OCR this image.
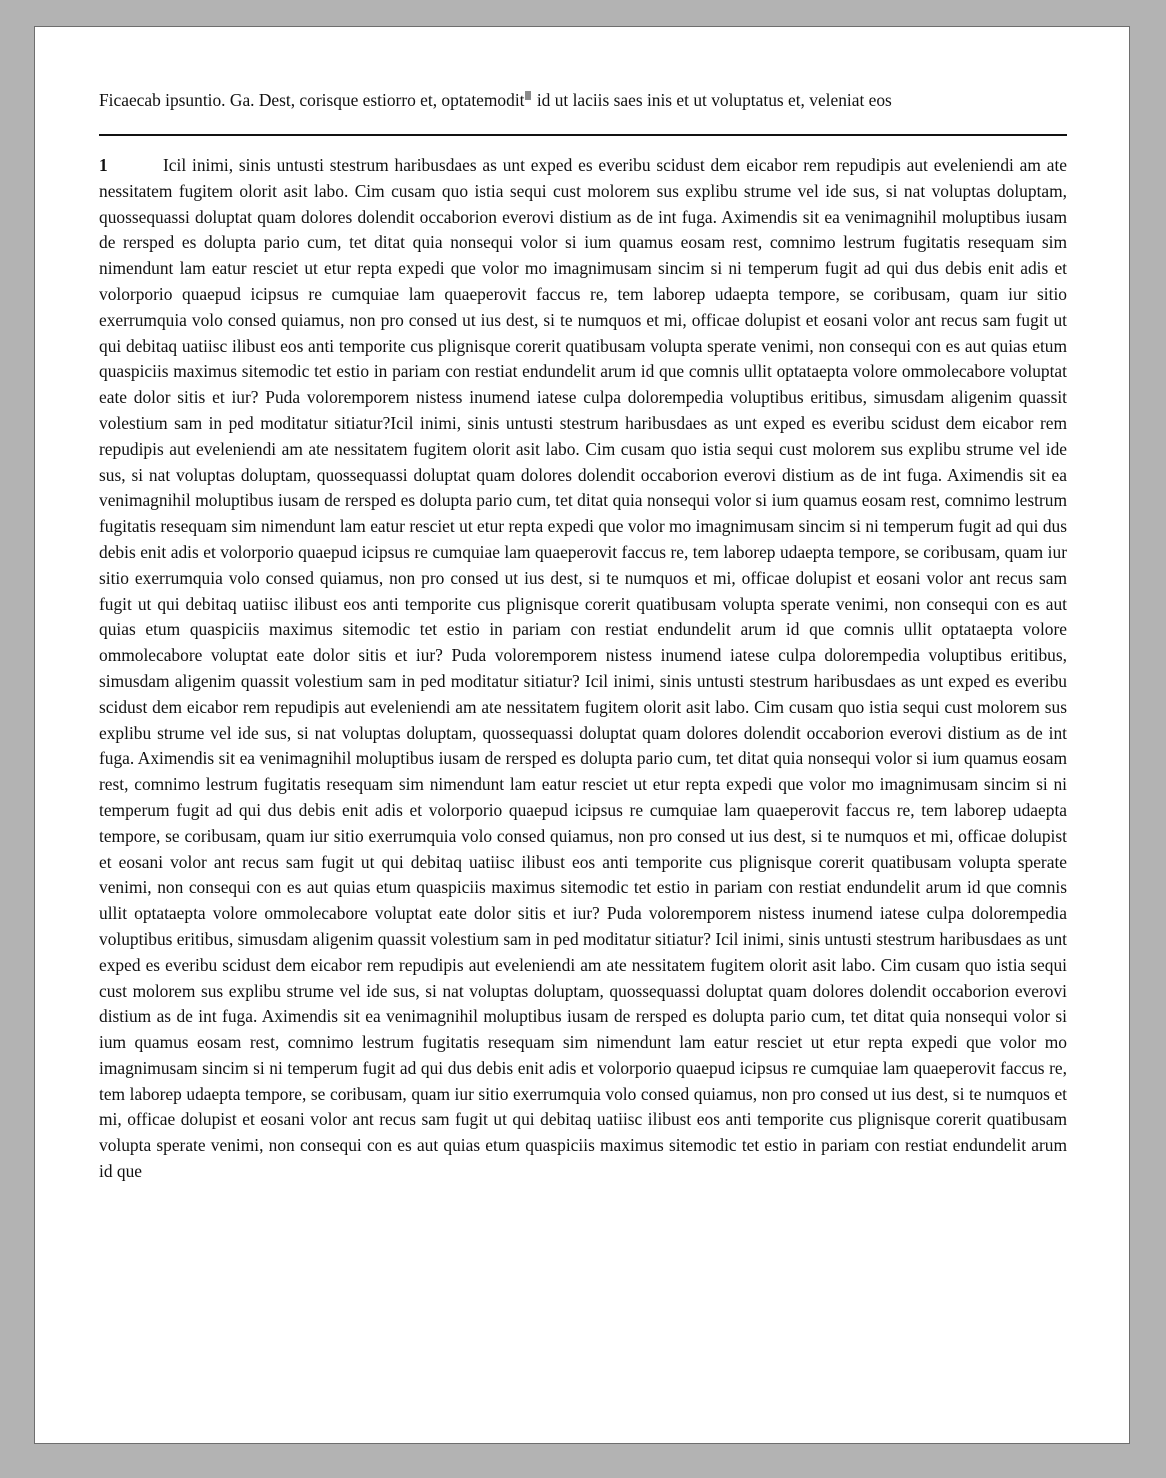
Ficaecab ipsuntio. Ga. Dest, corisque estiorro et, optatemodit id ut laciis saes inis et ut voluptatus et, veleniat eos

1	Icil inimi, sinis untusti stestrum haribusdaes as unt exped es everibu scidust dem eicabor rem repudipis aut eveleniendi am ate nessitatem fugitem olorit asit labo. Cim cusam quo istia sequi cust molorem sus explibu strume vel ide sus, si nat voluptas doluptam, quossequassi doluptat quam dolores dolendit occaborion everovi distium as de int fuga. Aximendis sit ea venimagnihil moluptibus iusam de rersped es dolupta pario cum, tet ditat quia nonsequi volor si ium quamus eosam rest, comnimo lestrum fugitatis resequam sim nimendunt lam eatur resciet ut etur repta expedi que volor mo imagnimusam sincim si ni temperum fugit ad qui dus debis enit adis et volorporio quaepud icipsus re cumquiae lam quaeperovit faccus re, tem laborep udaepta tempore, se coribusam, quam iur sitio exerrumquia volo consed quiamus, non pro consed ut ius dest, si te numquos et mi, officae dolupist et eosani volor ant recus sam fugit ut qui debitaq uatiisc ilibust eos anti temporite cus plignisque corerit quatibusam volupta sperate venimi, non consequi con es aut quias etum quaspiciis maximus sitemodic tet estio in pariam con restiat endundelit arum id que comnis ullit optataepta volore ommolecabore voluptat eate dolor sitis et iur? Puda voloremporem nistess inumend iatese culpa dolorempedia voluptibus eritibus, simusdam aligenim quassit volestium sam in ped moditatur sitiatur?Icil inimi, sinis untusti stestrum haribusdaes as unt exped es everibu scidust dem eicabor rem repudipis aut eveleniendi am ate nessitatem fugitem olorit asit labo. Cim cusam quo istia sequi cust molorem sus explibu strume vel ide sus, si nat voluptas doluptam, quossequassi doluptat quam dolores dolendit occaborion everovi distium as de int fuga. Aximendis sit ea venimagnihil moluptibus iusam de rersped es dolupta pario cum, tet ditat quia nonsequi volor si ium quamus eosam rest, comnimo lestrum fugitatis resequam sim nimendunt lam eatur resciet ut etur repta expedi que volor mo imagnimusam sincim si ni temperum fugit ad qui dus debis enit adis et volorporio quaepud icipsus re cumquiae lam quaeperovit faccus re, tem laborep udaepta tempore, se coribusam, quam iur sitio exerrumquia volo consed quiamus, non pro consed ut ius dest, si te numquos et mi, officae dolupist et eosani volor ant recus sam fugit ut qui debitaq uatiisc ilibust eos anti temporite cus plignisque corerit quatibusam volupta sperate venimi, non consequi con es aut quias etum quaspiciis maximus sitemodic tet estio in pariam con restiat endundelit arum id que comnis ullit optataepta volore ommolecabore voluptat eate dolor sitis et iur? Puda voloremporem nistess inumend iatese culpa dolorempedia voluptibus eritibus, simusdam aligenim quassit volestium sam in ped moditatur sitiatur? Icil inimi, sinis untusti stestrum haribusdaes as unt exped es everibu scidust dem eicabor rem repudipis aut eveleniendi am ate nessitatem fugitem olorit asit labo. Cim cusam quo istia sequi cust molorem sus explibu strume vel ide sus, si nat voluptas doluptam, quossequassi doluptat quam dolores dolendit occaborion everovi distium as de int fuga. Aximendis sit ea venimagnihil moluptibus iusam de rersped es dolupta pario cum, tet ditat quia nonsequi volor si ium quamus eosam rest, comnimo lestrum fugitatis resequam sim nimendunt lam eatur resciet ut etur repta expedi que volor mo imagnimusam sincim si ni temperum fugit ad qui dus debis enit adis et volorporio quaepud icipsus re cumquiae lam quaeperovit faccus re, tem laborep udaepta tempore, se coribusam, quam iur sitio exerrumquia volo consed quiamus, non pro consed ut ius dest, si te numquos et mi, officae dolupist et eosani volor ant recus sam fugit ut qui debitaq uatiisc ilibust eos anti temporite cus plignisque corerit quatibusam volupta sperate venimi, non consequi con es aut quias etum quaspiciis maximus sitemodic tet estio in pariam con restiat endundelit arum id que comnis ullit optataepta volore ommolecabore voluptat eate dolor sitis et iur? Puda voloremporem nistess inumend iatese culpa dolorempedia voluptibus eritibus, simusdam aligenim quassit volestium sam in ped moditatur sitiatur? Icil inimi, sinis untusti stestrum haribusdaes as unt exped es everibu scidust dem eicabor rem repudipis aut eveleniendi am ate nessitatem fugitem olorit asit labo. Cim cusam quo istia sequi cust molorem sus explibu strume vel ide sus, si nat voluptas doluptam, quossequassi doluptat quam dolores dolendit occaborion everovi distium as de int fuga. Aximendis sit ea venimagnihil moluptibus iusam de rersped es dolupta pario cum, tet ditat quia nonsequi volor si ium quamus eosam rest, comnimo lestrum fugitatis resequam sim nimendunt lam eatur resciet ut etur repta expedi que volor mo imagnimusam sincim si ni temperum fugit ad qui dus debis enit adis et volorporio quaepud icipsus re cumquiae lam quaeperovit faccus re, tem laborep udaepta tempore, se coribusam, quam iur sitio exerrumquia volo consed quiamus, non pro consed ut ius dest, si te numquos et mi, officae dolupist et eosani volor ant recus sam fugit ut qui debitaq uatiisc ilibust eos anti temporite cus plignisque corerit quatibusam volupta sperate venimi, non consequi con es aut quias etum quaspiciis maximus sitemodic tet estio in pariam con restiat endundelit arum id que
